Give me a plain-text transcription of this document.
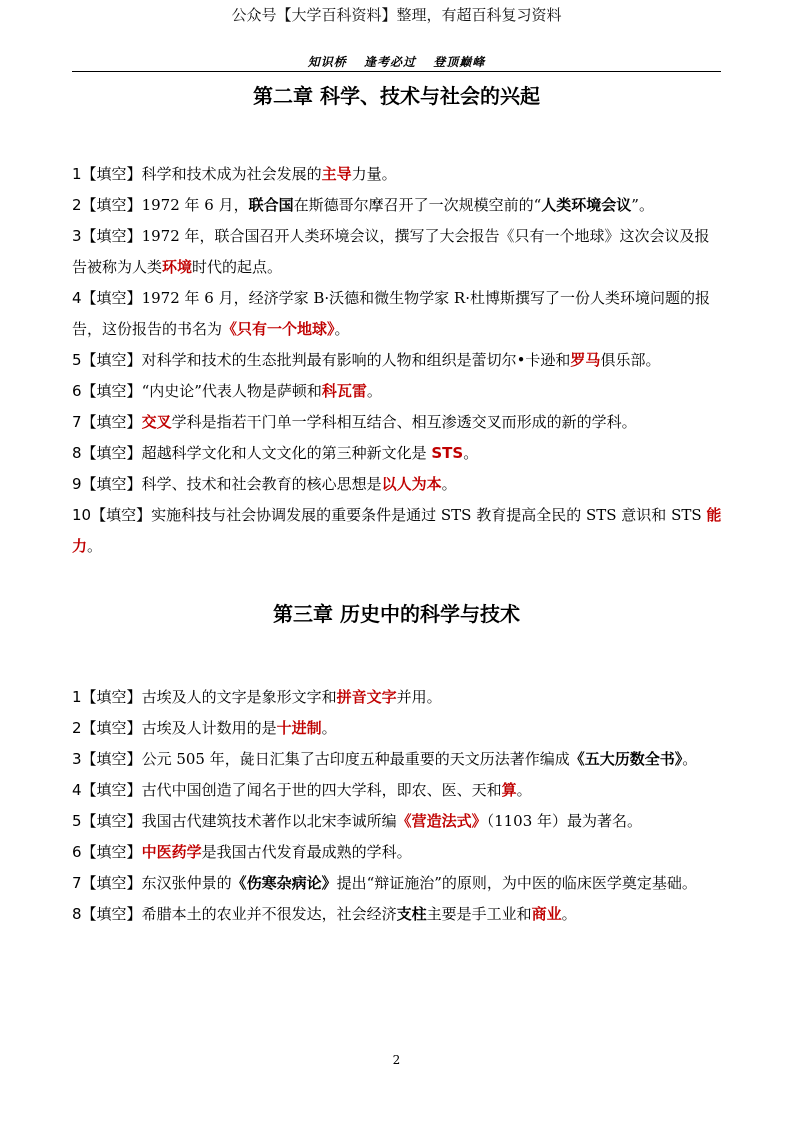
公众号【大学百科资料】整理，有超百科复习资料
知识桥 逢考必过 登顶巅峰
第二章 科学、技术与社会的兴起
1【填空】科学和技术成为社会发展的主导力量。
2【填空】1972 年 6 月，联合国在斯德哥尔摩召开了一次规模空前的“人类环境会议”。
3【填空】1972 年，联合国召开人类环境会议，撰写了大会报告《只有一个地球》这次会议及报告被称为人类环境时代的起点。
4【填空】1972 年 6 月，经济学家 B·沃德和微生物学家 R·杜博斯撰写了一份人类环境问题的报告，这份报告的书名为《只有一个地球》。
5【填空】对科学和技术的生态批判最有影响的人物和组织是蕾切尔•卡逊和罗马俱乐部。
6【填空】“内史论”代表人物是萨顿和科瓦雷。
7【填空】交叉学科是指若干门单一学科相互结合、相互渗透交叉而形成的新的学科。
8【填空】超越科学文化和人文文化的第三种新文化是 STS。
9【填空】科学、技术和社会教育的核心思想是以人为本。
10【填空】实施科技与社会协调发展的重要条件是通过 STS 教育提高全民的 STS 意识和 STS 能力。
第三章 历史中的科学与技术
1【填空】古埃及人的文字是象形文字和拼音文字并用。
2【填空】古埃及人计数用的是十进制。
3【填空】公元 505 年，彘日汇集了古印度五种最重要的天文历法著作编成《五大历数全书》。
4【填空】古代中国创造了闻名于世的四大学科，即农、医、天和算。
5【填空】我国古代建筑技术著作以北宋李诚所编《营造法式》（1103 年）最为著名。
6【填空】中医药学是我国古代发育最成熟的学科。
7【填空】东汉张仲景的《伤寒杂病论》提出“辩证施治”的原则，为中医的临床医学奠定基础。
8【填空】希腊本土的农业并不很发达，社会经济支柱主要是手工业和商业。
2
